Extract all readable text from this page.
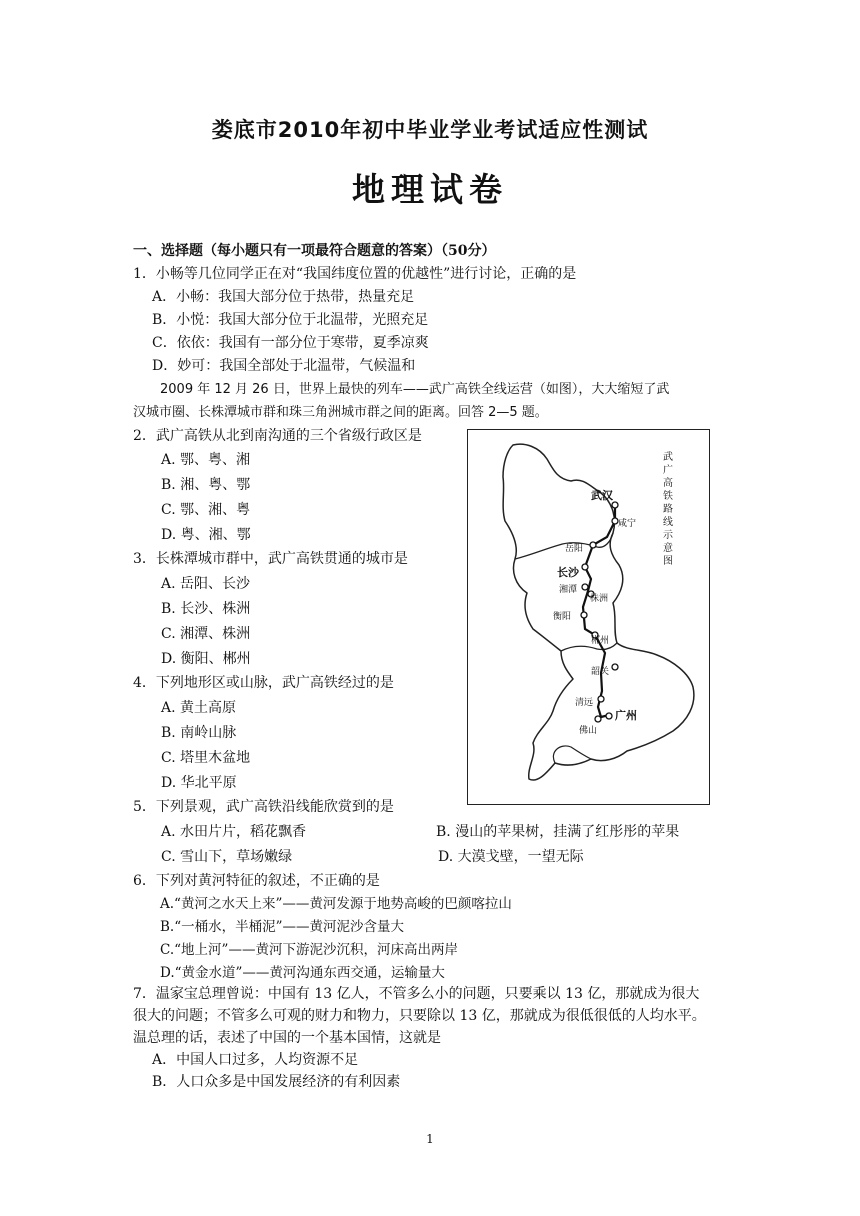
娄底市2010年初中毕业学业考试适应性测试
地理试卷
一、选择题（每小题只有一项最符合题意的答案）（50分）
1．小畅等几位同学正在对“我国纬度位置的优越性”进行讨论，正确的是
A．小畅：我国大部分位于热带，热量充足
B．小悦：我国大部分位于北温带，光照充足
C．依依：我国有一部分位于寒带，夏季凉爽
D．妙可：我国全部处于北温带，气候温和
2009 年 12 月 26 日，世界上最快的列车——武广高铁全线运营（如图），大大缩短了武
汉城市圈、长株潭城市群和珠三角洲城市群之间的距离。回答 2—5 题。
2．武广高铁从北到南沟通的三个省级行政区是
A. 鄂、粤、湘
B. 湘、粤、鄂
C. 鄂、湘、粤
D. 粤、湘、鄂
3．长株潭城市群中，武广高铁贯通的城市是
A. 岳阳、长沙
B. 长沙、株洲
C. 湘潭、株洲
D. 衡阳、郴州
4．下列地形区或山脉，武广高铁经过的是
A. 黄土高原
B. 南岭山脉
C. 塔里木盆地
D. 华北平原
5．下列景观，武广高铁沿线能欣赏到的是
A. 水田片片，稻花飘香	B. 漫山的苹果树，挂满了红彤彤的苹果
C. 雪山下，草场嫩绿	D. 大漠戈壁，一望无际
6．下列对黄河特征的叙述，不正确的是
A.“黄河之水天上来”——黄河发源于地势高峻的巴颜喀拉山
B.“一桶水，半桶泥”——黄河泥沙含量大
C.“地上河”——黄河下游泥沙沉积，河床高出两岸
D.“黄金水道”——黄河沟通东西交通，运输量大
7．温家宝总理曾说：中国有 13 亿人，不管多么小的问题，只要乘以 13 亿，那就成为很大
很大的问题；不管多么可观的财力和物力，只要除以 13 亿，那就成为很低很低的人均水平。
温总理的话，表述了中国的一个基本国情，这就是
A．中国人口过多，人均资源不足
B．人口众多是中国发展经济的有利因素
武汉
咸宁
岳阳
长沙
湘潭
株洲
衡阳
郴州
韶关
清远
广州
佛山
武
广
高
铁
路
线
示
意
图
1
